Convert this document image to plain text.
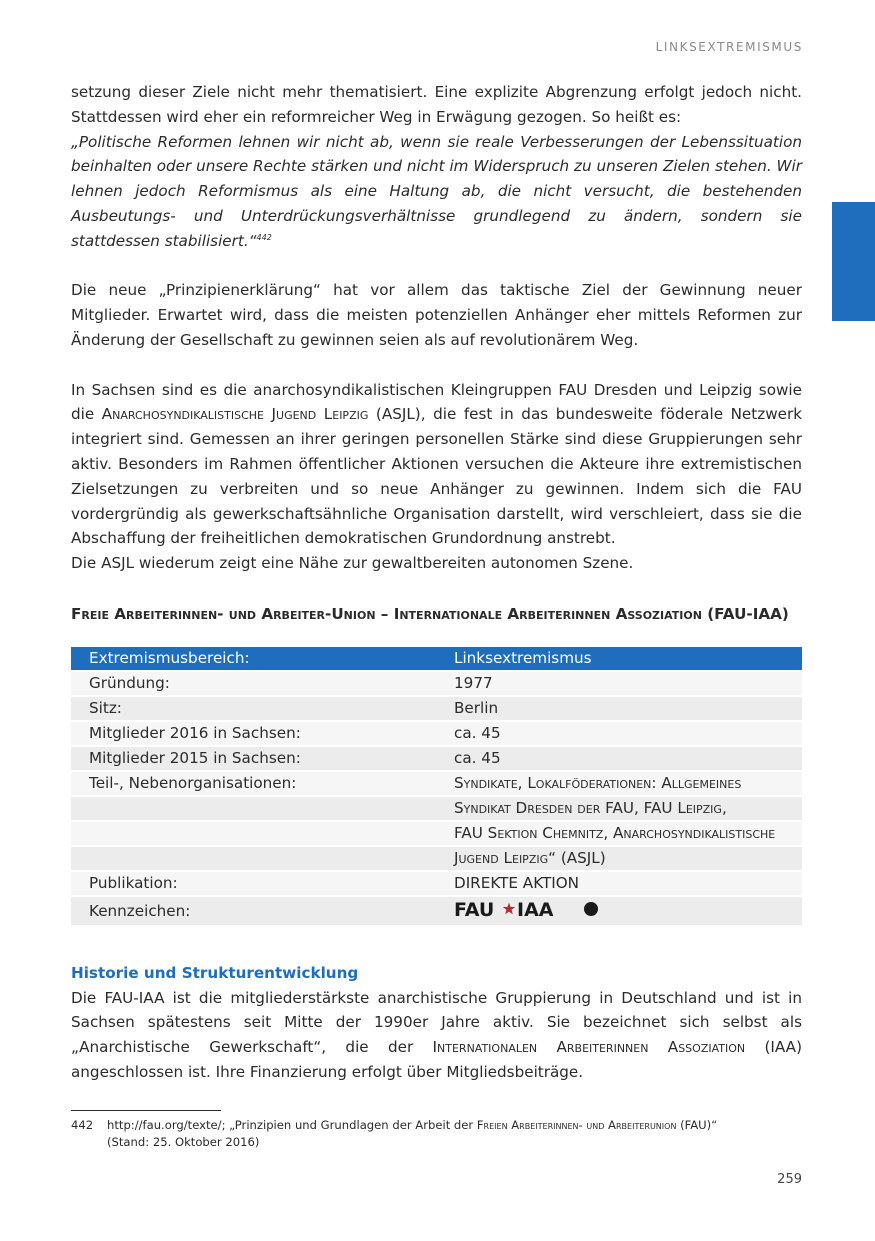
LINKSEXTREMISMUS

setzung dieser Ziele nicht mehr thematisiert. Eine explizite Abgrenzung erfolgt jedoch nicht. Stattdessen wird eher ein reformreicher Weg in Erwägung gezogen. So heißt es:

„Politische Reformen lehnen wir nicht ab, wenn sie reale Verbesserungen der Lebenssituation beinhalten oder unsere Rechte stärken und nicht im Widerspruch zu unseren Zielen stehen. Wir lehnen jedoch Reformismus als eine Haltung ab, die nicht versucht, die bestehenden Ausbeutungs- und Unterdrückungsverhältnisse grundlegend zu ändern, sondern sie stattdessen stabilisiert.“$^{442}$

Die neue „Prinzipienerklärung“ hat vor allem das taktische Ziel der Gewinnung neuer Mitglieder. Erwartet wird, dass die meisten potenziellen Anhänger eher mittels Reformen zur Änderung der Gesellschaft zu gewinnen seien als auf revolutionärem Weg.

In Sachsen sind es die anarchosyndikalistischen Kleingruppen FAU Dresden und Leipzig sowie die Anarchosyndikalistische Jugend Leipzig (ASJL), die fest in das bundesweite föderale Netzwerk integriert sind. Gemessen an ihrer geringen personellen Stärke sind diese Gruppierungen sehr aktiv. Besonders im Rahmen öffentlicher Aktionen versuchen die Akteure ihre extremistischen Zielsetzungen zu verbreiten und so neue Anhänger zu gewinnen. Indem sich die FAU vordergründig als gewerkschaftsähnliche Organisation darstellt, wird verschleiert, dass sie die Abschaffung der freiheitlichen demokratischen Grundordnung anstrebt.

Die ASJL wiederum zeigt eine Nähe zur gewaltbereiten autonomen Szene.

Freie Arbeiterinnen- und Arbeiter-Union – Internationale Arbeiterinnen Assoziation (FAU-IAA)
Extremismusbereich:	Linksextremismus
Gründung:	1977
Sitz:	Berlin
Mitglieder 2016 in Sachsen:	ca. 45
Mitglieder 2015 in Sachsen:	ca. 45
Teil-, Nebenorganisationen:	Syndikate, Lokalföderationen: Allgemeines
	Syndikat Dresden der FAU, FAU Leipzig,
	FAU Sektion Chemnitz, Anarchosyndikalistische
	Jugend Leipzig“ (ASJL)
Publikation:	DIREKTE AKTION
Kennzeichen:	FAU IAA
Historie und Strukturentwicklung

Die FAU-IAA ist die mitgliederstärkste anarchistische Gruppierung in Deutschland und ist in Sachsen spätestens seit Mitte der 1990er Jahre aktiv. Sie bezeichnet sich selbst als „Anarchistische Gewerkschaft“, die der Internationalen Arbeiterinnen Assoziation (IAA) angeschlossen ist. Ihre Finanzierung erfolgt über Mitgliedsbeiträge.

442 http://fau.org/texte/; „Prinzipien und Grundlagen der Arbeit der Freien Arbeiterinnen- und Arbeiterunion (FAU)“
(Stand: 25. Oktober 2016)
259
